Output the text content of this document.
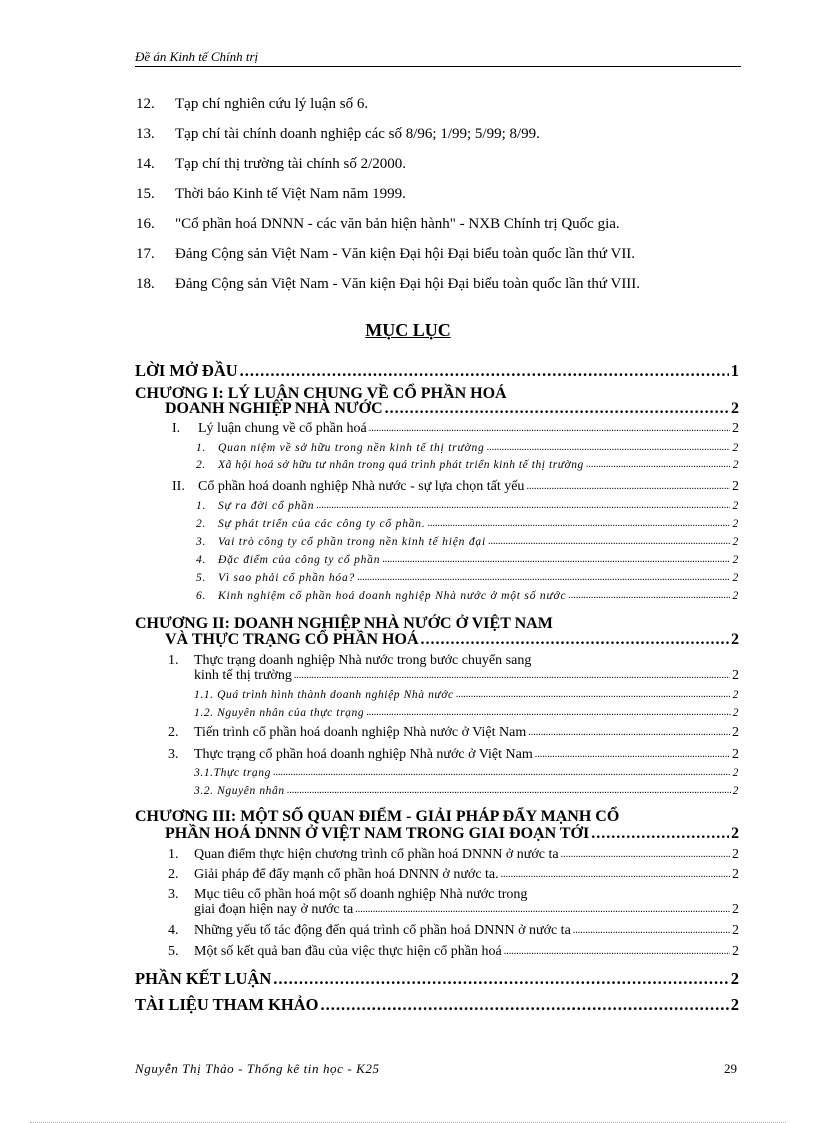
Đề án Kinh tế Chính trị
12. Tạp chí nghiên cứu lý luận số 6.
13. Tạp chí tài chính doanh nghiệp các số 8/96; 1/99; 5/99; 8/99.
14. Tạp chí thị trường tài chính số 2/2000.
15. Thời báo Kinh tế Việt Nam năm 1999.
16. "Cổ phần hoá DNNN - các văn bản hiện hành" - NXB Chính trị Quốc gia.
17. Đảng Cộng sản Việt Nam - Văn kiện Đại hội Đại biểu toàn quốc lần thứ VII.
18. Đảng Cộng sản Việt Nam - Văn kiện Đại hội Đại biểu toàn quốc lần thứ VIII.
MỤC LỤC
LỜI MỞ ĐẦU .....	1
CHƯƠNG I: LÝ LUẬN CHUNG VỀ CỔ PHẦN HOÁ
DOANH NGHIỆP NHÀ NƯỚC .....	2
I. Lý luận chung về cổ phần hoá .....	2
1. Quan niệm về sở hữu trong nền kinh tế thị trường .....	2
2. Xã hội hoá sở hữu tư nhân trong quá trình phát triển kinh tế thị trường .....	2
II. Cổ phần hoá doanh nghiệp Nhà nước - sự lựa chọn tất yếu .....	2
1. Sự ra đời cổ phần .....	2
2. Sự phát triển của các công ty cổ phần. .....	2
3. Vai trò công ty cổ phần trong nền kinh tế hiện đại .....	2
4. Đặc điểm của công ty cổ phần .....	2
5. Vì sao phải cổ phần hóa? .....	2
6. Kinh nghiệm cổ phần hoá doanh nghiệp Nhà nước ở một số nước .....	2
CHƯƠNG II: DOANH NGHIỆP NHÀ NƯỚC Ở VIỆT NAM
VÀ THỰC TRẠNG CỔ PHẦN HOÁ .....	2
1. Thực trạng doanh nghiệp Nhà nước trong bước chuyển sang
kinh tế thị trường .....	2
1.1. Quá trình hình thành doanh nghiệp Nhà nước .....	2
1.2. Nguyên nhân của thực trạng .....	2
2. Tiến trình cổ phần hoá doanh nghiệp Nhà nước ở Việt Nam .....	2
3. Thực trạng cổ phần hoá doanh nghiệp Nhà nước ở Việt Nam .....	2
3.1.Thực trạng .....	2
3.2. Nguyên nhân .....	2
CHƯƠNG III: MỘT SỐ QUAN ĐIỂM - GIẢI PHÁP ĐẨY MẠNH CỔ
PHẦN HOÁ DNNN Ở VIỆT NAM TRONG GIAI ĐOẠN TỚI .....	2
1. Quan điểm thực hiện chương trình cổ phần hoá DNNN ở nước ta .....	2
2. Giải pháp để đẩy mạnh cổ phần hoá DNNN ở nước ta. .....	2
3. Mục tiêu cổ phần hoá một số doanh nghiệp Nhà nước trong
giai đoạn hiện nay ở nước ta .....	2
4. Những yếu tố tác động đến quá trình cổ phần hoá DNNN ở nước ta .....	2
5. Một số kết quả ban đầu của việc thực hiện cổ phần hoá .....	2
PHẦN KẾT LUẬN .....	2
TÀI LIỆU THAM KHẢO .....	2
Nguyễn Thị Thảo - Thống kê tin học - K25	29
